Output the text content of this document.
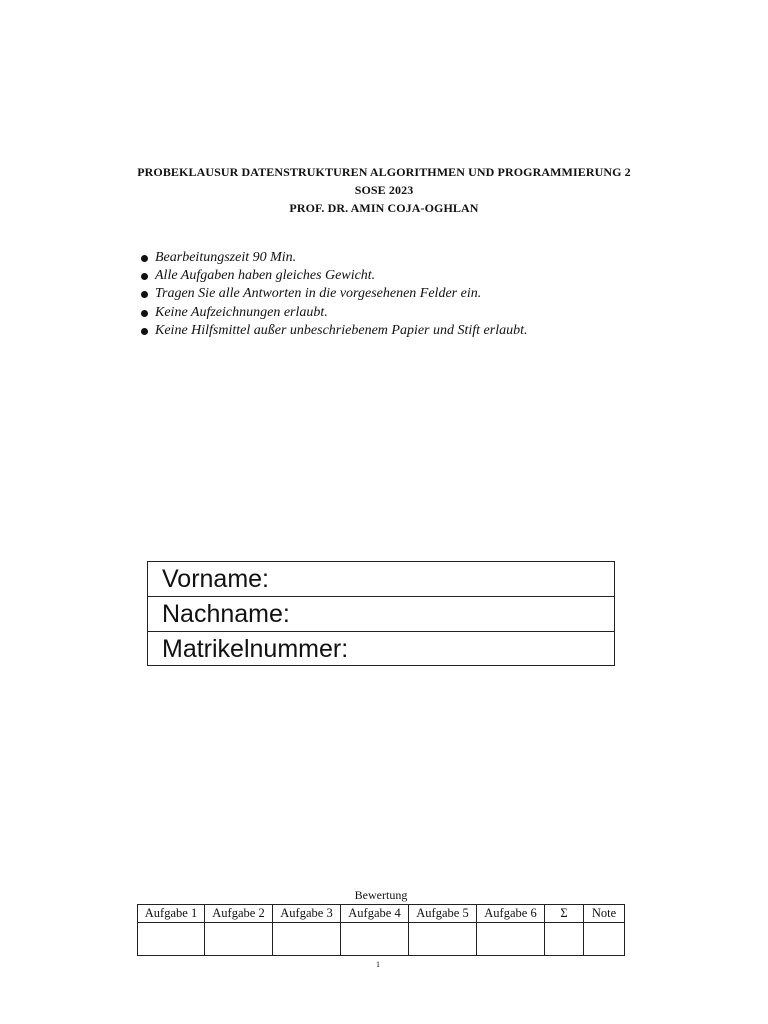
PROBEKLAUSUR DATENSTRUKTUREN ALGORITHMEN UND PROGRAMMIERUNG 2
SOSE 2023
PROF. DR. AMIN COJA-OGHLAN
Bearbeitungszeit 90 Min.
Alle Aufgaben haben gleiches Gewicht.
Tragen Sie alle Antworten in die vorgesehenen Felder ein.
Keine Aufzeichnungen erlaubt.
Keine Hilfsmittel außer unbeschriebenem Papier und Stift erlaubt.
Vorname:
Nachname:
Matrikelnummer:
Bewertung
Aufgabe 1	Aufgabe 2	Aufgabe 3	Aufgabe 4	Aufgabe 5	Aufgabe 6	Σ	Note

1
